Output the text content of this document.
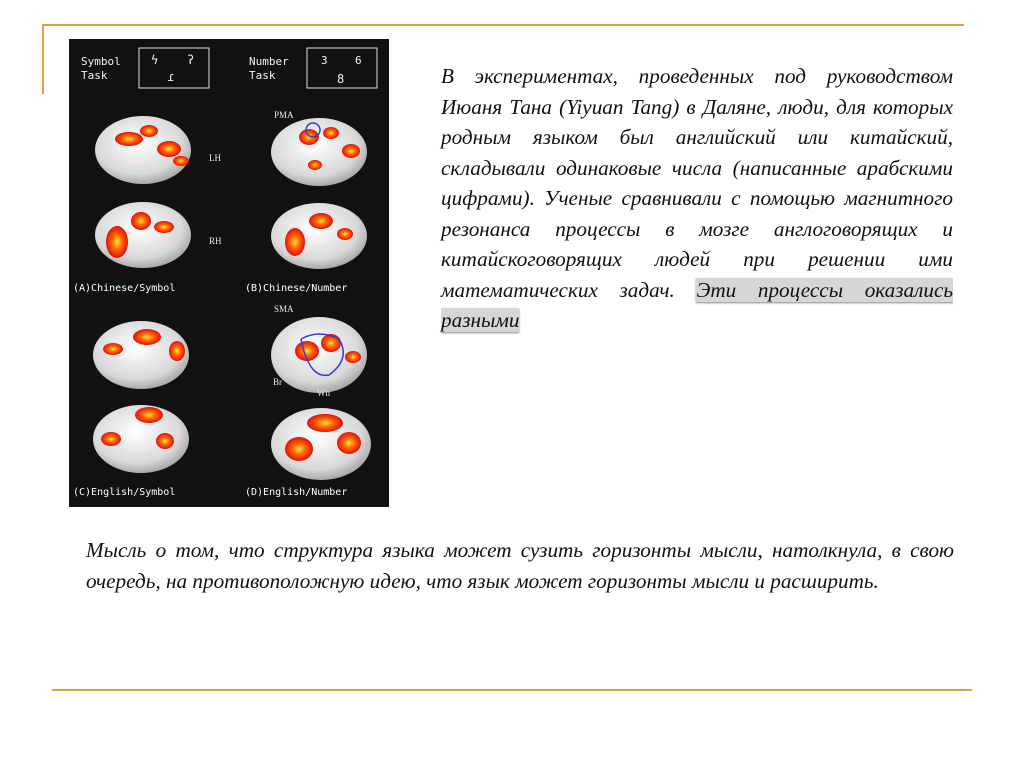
Symbol
Task
ϟ ʔ
ɾ
Number
Task
3 6
8
LH
RH
PMA
SMA
Br
Wn
(A)Chinese/Symbol	(B)Chinese/Number
(C)English/Symbol	(D)English/Number
В экспериментах, проведенных под руководством Июаня Тана (Yiyuan Tang) в Даляне, люди, для которых родным языком был английский или китайский, складывали одинаковые числа (написанные арабскими цифрами). Ученые сравнивали с помощью магнитного резонанса процессы в мозге англоговорящих и китайскоговорящих людей при решении ими математических задач. Эти процессы оказались разными
Мысль о том, что структура языка может сузить горизонты мысли, натолкнула, в свою очередь, на противоположную идею, что язык может горизонты мысли и расширить.
